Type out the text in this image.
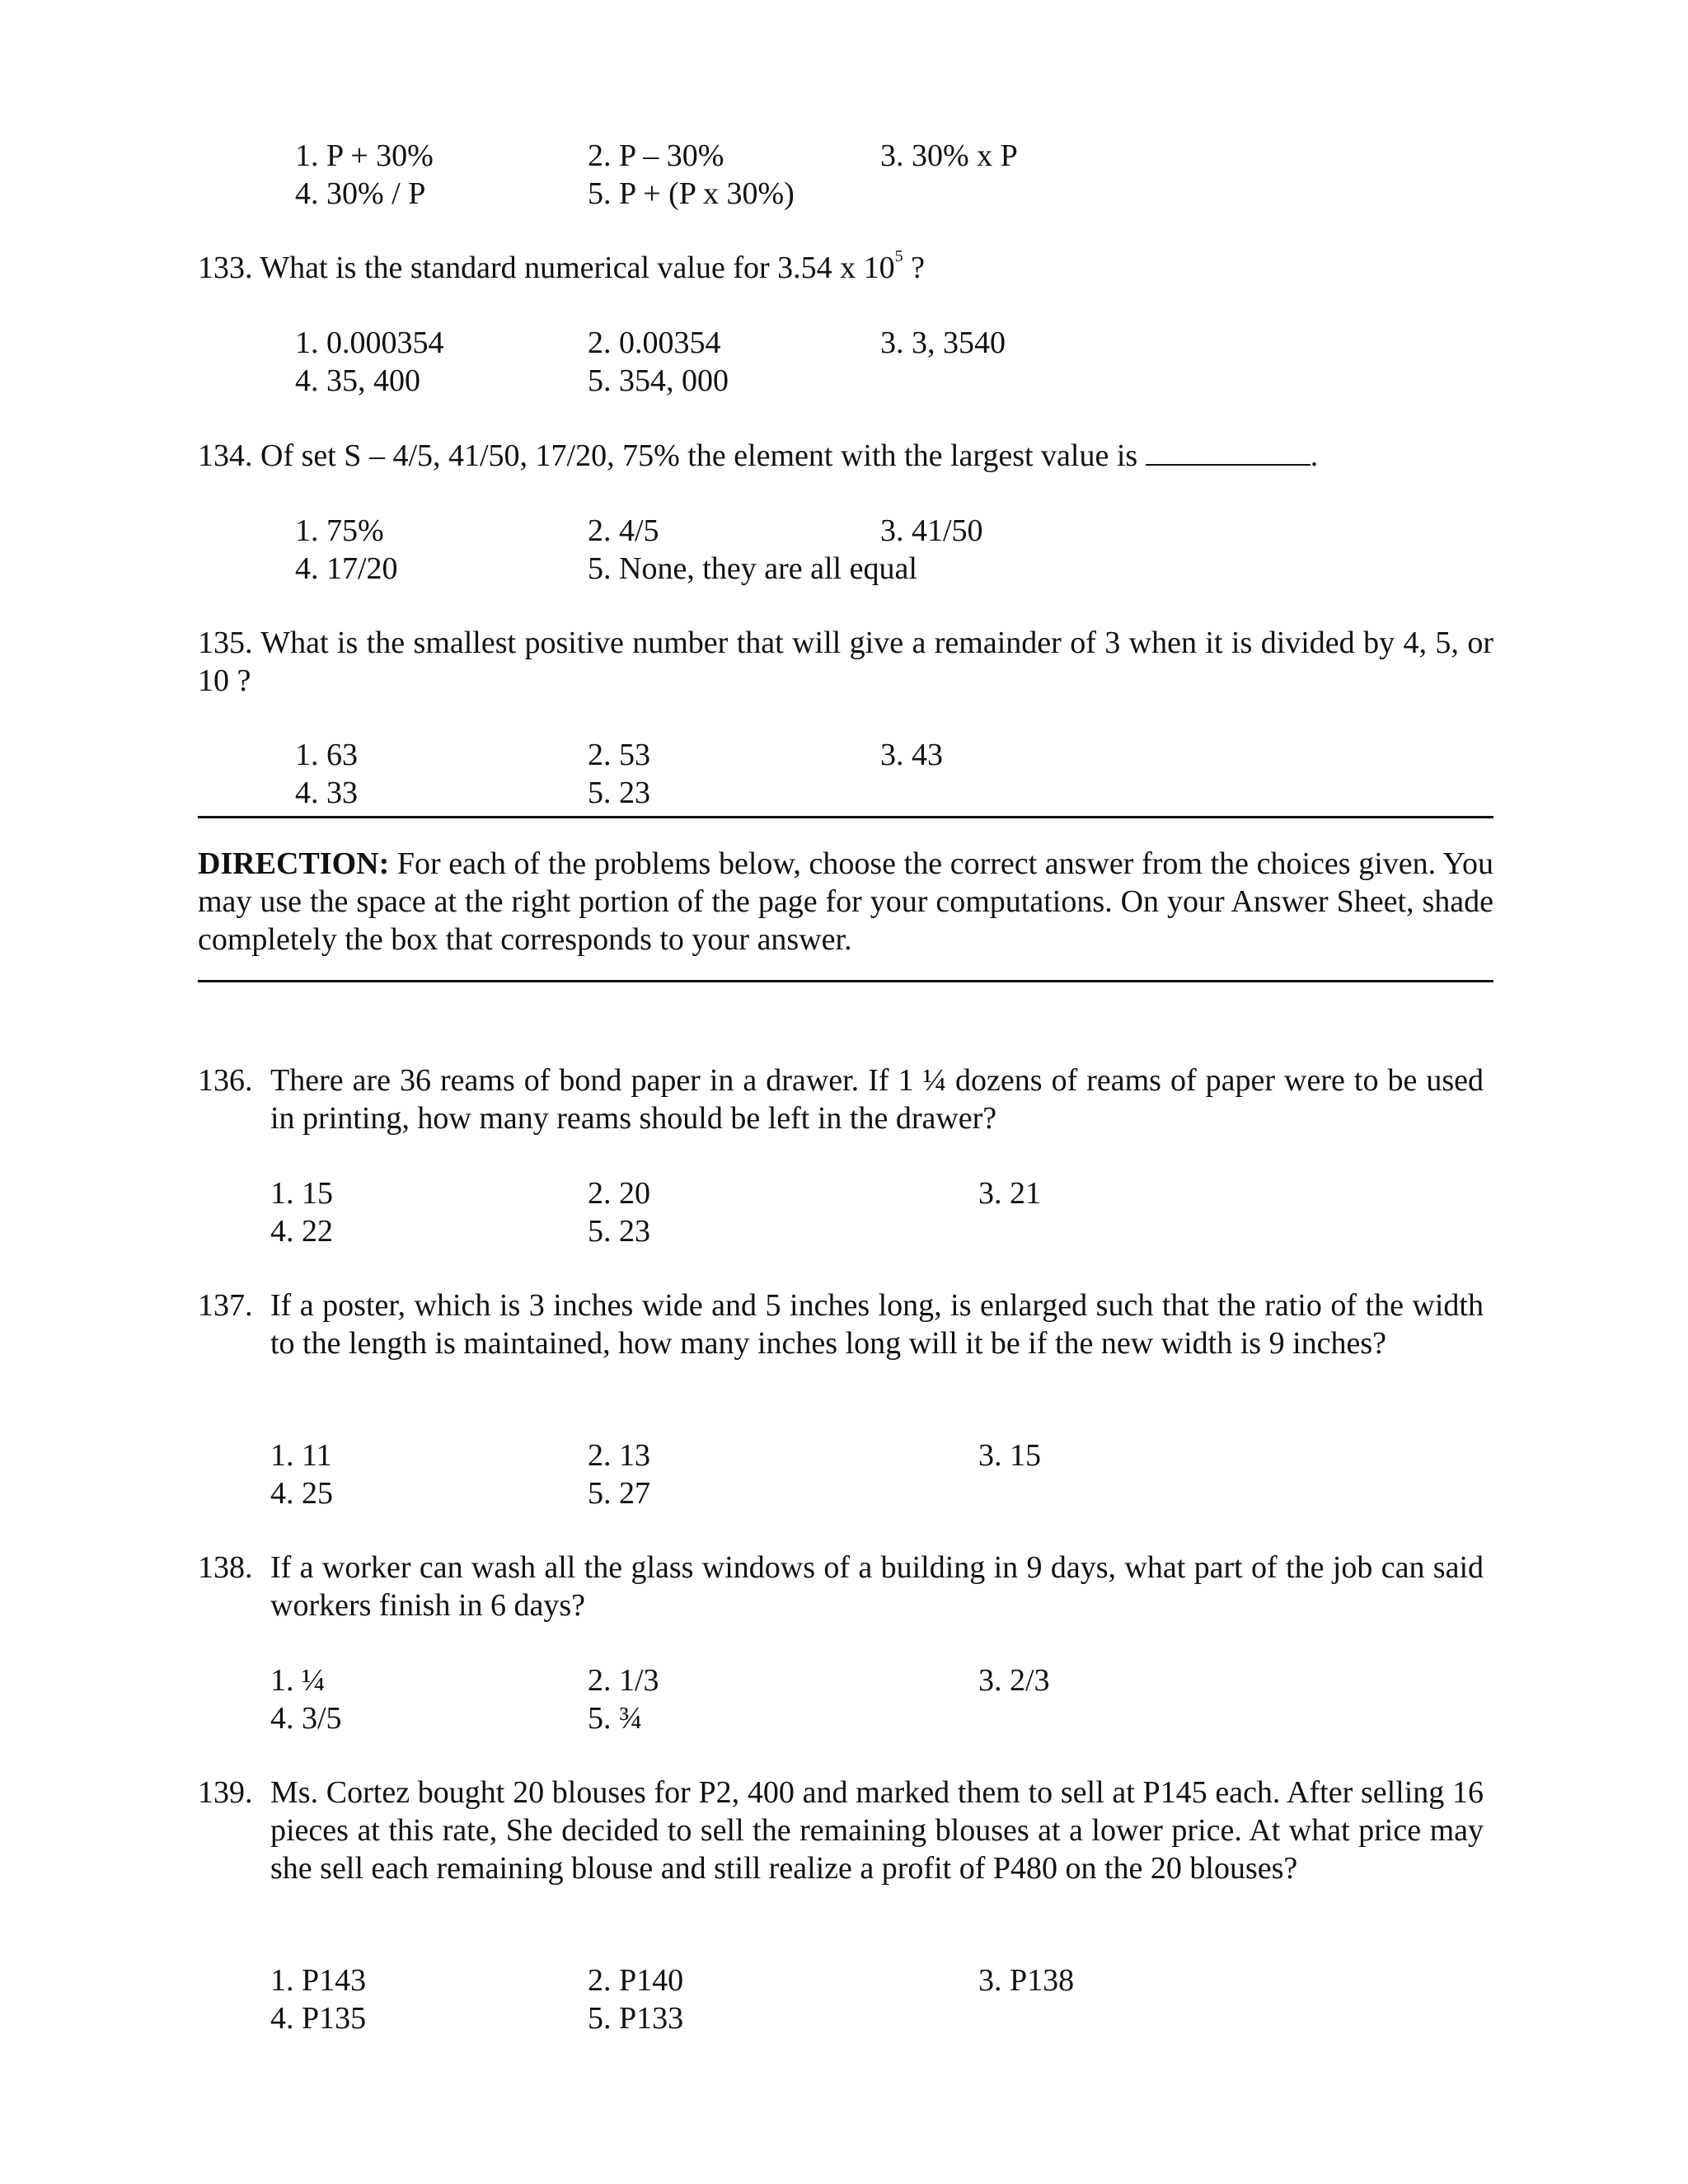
1. P + 30%	2. P – 30%	3. 30% x P
4. 30% / P	5. P + (P x 30%)
133. What is the standard numerical value for 3.54 x $10^5$ ?
1. 0.000354	2. 0.00354	3. 3, 3540
4. 35, 400	5. 354, 000
134. Of set S – 4/5, 41/50, 17/20, 75% the element with the largest value is	.
1. 75%	2. 4/5	3. 41/50
4. 17/20	5. None, they are all equal
135. What is the smallest positive number that will give a remainder of 3 when it is divided by 4, 5, or 10 ?
1. 63	2. 53	3. 43
4. 33	5. 23
DIRECTION: For each of the problems below, choose the correct answer from the choices given. You may use the space at the right portion of the page for your computations. On your Answer Sheet, shade completely the box that corresponds to your answer.
136. There are 36 reams of bond paper in a drawer. If 1 ¼ dozens of reams of paper were to be used in printing, how many reams should be left in the drawer?
1. 15	2. 20	3. 21
4. 22	5. 23
137. If a poster, which is 3 inches wide and 5 inches long, is enlarged such that the ratio of the width to the length is maintained, how many inches long will it be if the new width is 9 inches?
1. 11	2. 13	3. 15
4. 25	5. 27
138. If a worker can wash all the glass windows of a building in 9 days, what part of the job can said workers finish in 6 days?
1. ¼	2. 1/3	3. 2/3
4. 3/5	5. ¾
139. Ms. Cortez bought 20 blouses for P2, 400 and marked them to sell at P145 each. After selling 16 pieces at this rate, She decided to sell the remaining blouses at a lower price. At what price may she sell each remaining blouse and still realize a profit of P480 on the 20 blouses?
1. P143	2. P140	3. P138
4. P135	5. P133
